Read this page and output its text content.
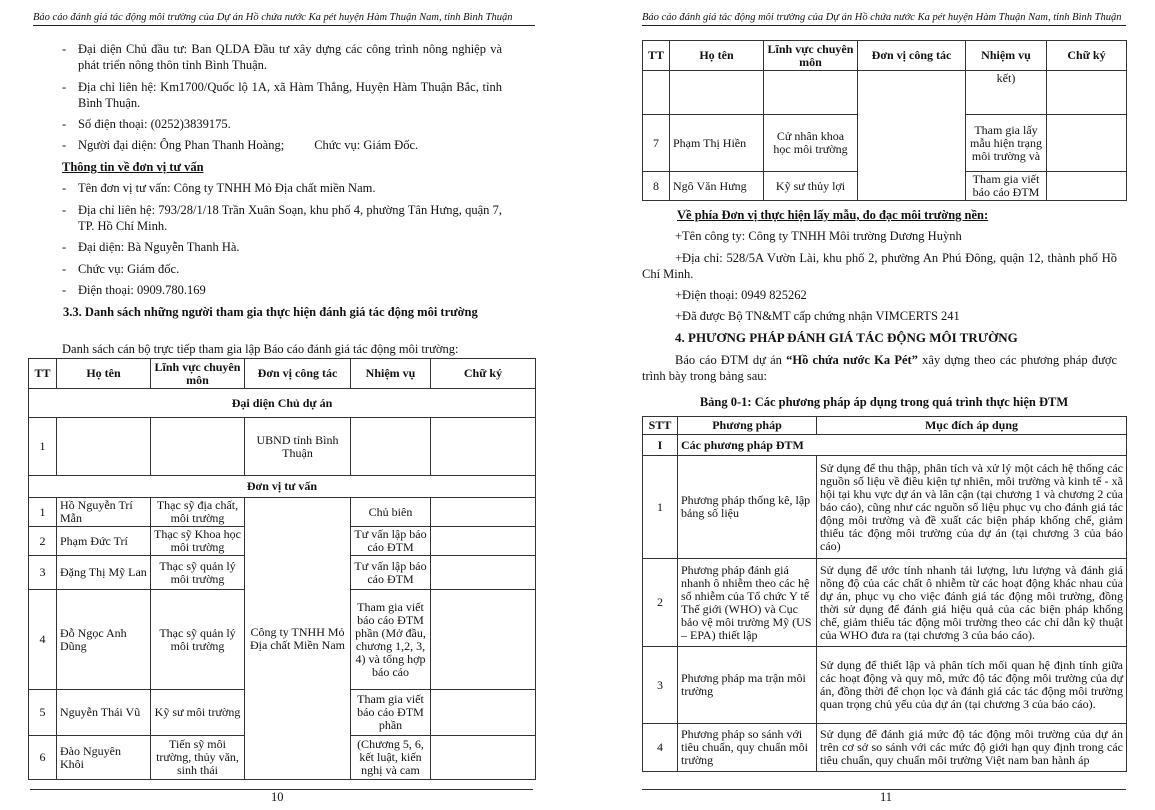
Báo cáo đánh giá tác động môi trường của Dự án Hồ chứa nước Ka pét huyện Hàm Thuận Nam, tỉnh Bình Thuận
- Đại diện Chủ đầu tư: Ban QLDA Đầu tư xây dựng các công trình nông nghiệp và phát triển nông thôn tỉnh Bình Thuận.
- Địa chỉ liên hệ: Km1700/Quốc lộ 1A, xã Hàm Thắng, Huyện Hàm Thuận Bắc, tỉnh Bình Thuận.
- Số điện thoại: (0252)3839175.
- Người đại diện: Ông Phan Thanh Hoàng; Chức vụ: Giám Đốc.
Thông tin về đơn vị tư vấn
- Tên đơn vị tư vấn: Công ty TNHH Mỏ Địa chất miền Nam.
- Địa chỉ liên hệ: 793/28/1/18 Trần Xuân Soạn, khu phố 4, phường Tân Hưng, quận 7, TP. Hồ Chí Minh.
- Đại diện: Bà Nguyễn Thanh Hà.
- Chức vụ: Giám đốc.
- Điện thoại: 0909.780.169
3.3. Danh sách những người tham gia thực hiện đánh giá tác động môi trường
Danh sách cán bộ trực tiếp tham gia lập Báo cáo đánh giá tác động môi trường:
TT	Họ tên	Lĩnh vực chuyên môn	Đơn vị công tác	Nhiệm vụ	Chữ ký
Đại diện Chủ dự án					
1			UBND tỉnh Bình Thuận		
Đơn vị tư vấn					
1	Hồ Nguyễn Trí Mẫn	Thạc sỹ địa chất, môi trường	Công ty TNHH Mỏ Địa chất Miền Nam	Chủ biên	
2	Phạm Đức Trí	Thạc sỹ Khoa học môi trường		Tư vấn lập báo cáo ĐTM	
3	Đặng Thị Mỹ Lan	Thạc sỹ quản lý môi trường		Tư vấn lập báo cáo ĐTM	
4	Đỗ Ngọc Anh Dũng	Thạc sỹ quản lý môi trường		Tham gia viết báo cáo ĐTM phần (Mở đầu, chương 1,2, 3, 4) và tổng hợp báo cáo	
5	Nguyễn Thái Vũ	Kỹ sư môi trường		Tham gia viết báo cáo ĐTM phần	
6	Đào Nguyên Khôi	Tiến sỹ môi trường, thủy văn, sinh thái		(Chương 5, 6, kết luật, kiến nghị và cam	
10
Báo cáo đánh giá tác động môi trường của Dự án Hồ chứa nước Ka pét huyện Hàm Thuận Nam, tỉnh Bình Thuận
TT	Họ tên	Lĩnh vực chuyên môn	Đơn vị công tác	Nhiệm vụ	Chữ ký
				kết)	
7	Phạm Thị Hiền	Cử nhân khoa học môi trường		Tham gia lấy mẫu hiện trạng môi trường và	
8	Ngô Văn Hưng	Kỹ sư thủy lợi		Tham gia viết báo cáo ĐTM	
Về phía Đơn vị thực hiện lấy mẫu, đo đạc môi trường nền:
+Tên công ty: Công ty TNHH Môi trường Dương Huỳnh
+Địa chỉ: 528/5A Vườn Lài, khu phố 2, phường An Phú Đông, quận 12, thành phố Hồ Chí Minh.
+Điện thoại: 0949 825262
+Đã được Bộ TN&MT cấp chứng nhận VIMCERTS 241
4. PHƯƠNG PHÁP ĐÁNH GIÁ TÁC ĐỘNG MÔI TRƯỜNG
Báo cáo ĐTM dự án “Hồ chứa nước Ka Pét” xây dựng theo các phương pháp được trình bày trong bảng sau:
Bảng 0-1: Các phương pháp áp dụng trong quá trình thực hiện ĐTM
STT	Phương pháp	Mục đích áp dụng
I	Các phương pháp ĐTM	
1	Phương pháp thống kê, lập bảng số liệu	Sử dụng để thu thập, phân tích và xử lý một cách hệ thống các nguồn số liệu về điều kiện tự nhiên, môi trường và kinh tế - xã hội tại khu vực dự án và lân cận (tại chương 1 và chương 2 của báo cáo), cũng như các nguồn số liệu phục vụ cho đánh giá tác động môi trường và đề xuất các biện pháp khống chế, giảm thiểu tác động môi trường của dự án (tại chương 3 của báo cáo)
2	Phương pháp đánh giá nhanh ô nhiễm theo các hệ số nhiễm của Tổ chức Y tế Thế giới (WHO) và Cục bảo vệ môi trường Mỹ (US – EPA) thiết lập	Sử dụng để ước tính nhanh tải lượng, lưu lượng và đánh giá nồng độ của các chất ô nhiễm từ các hoạt động khác nhau của dự án, phục vụ cho việc đánh giá tác động môi trường, đồng thời sử dụng để đánh giá hiệu quả của các biện pháp khống chế, giảm thiểu tác động môi trường theo các chỉ dẫn kỹ thuật của WHO đưa ra (tại chương 3 của báo cáo).
3	Phương pháp ma trận môi trường	Sử dụng để thiết lập và phân tích mối quan hệ định tính giữa các hoạt động và quy mô, mức độ tác động môi trường của dự án, đồng thời để chọn lọc và đánh giá các tác động môi trường quan trọng chủ yếu của dự án (tại chương 3 của báo cáo).
4	Phương pháp so sánh với tiêu chuẩn, quy chuẩn môi trường	Sử dụng để đánh giá mức độ tác động môi trường của dự án trên cơ sở so sánh với các mức độ giới hạn quy định trong các tiêu chuẩn, quy chuẩn môi trường Việt nam ban hành áp
11
